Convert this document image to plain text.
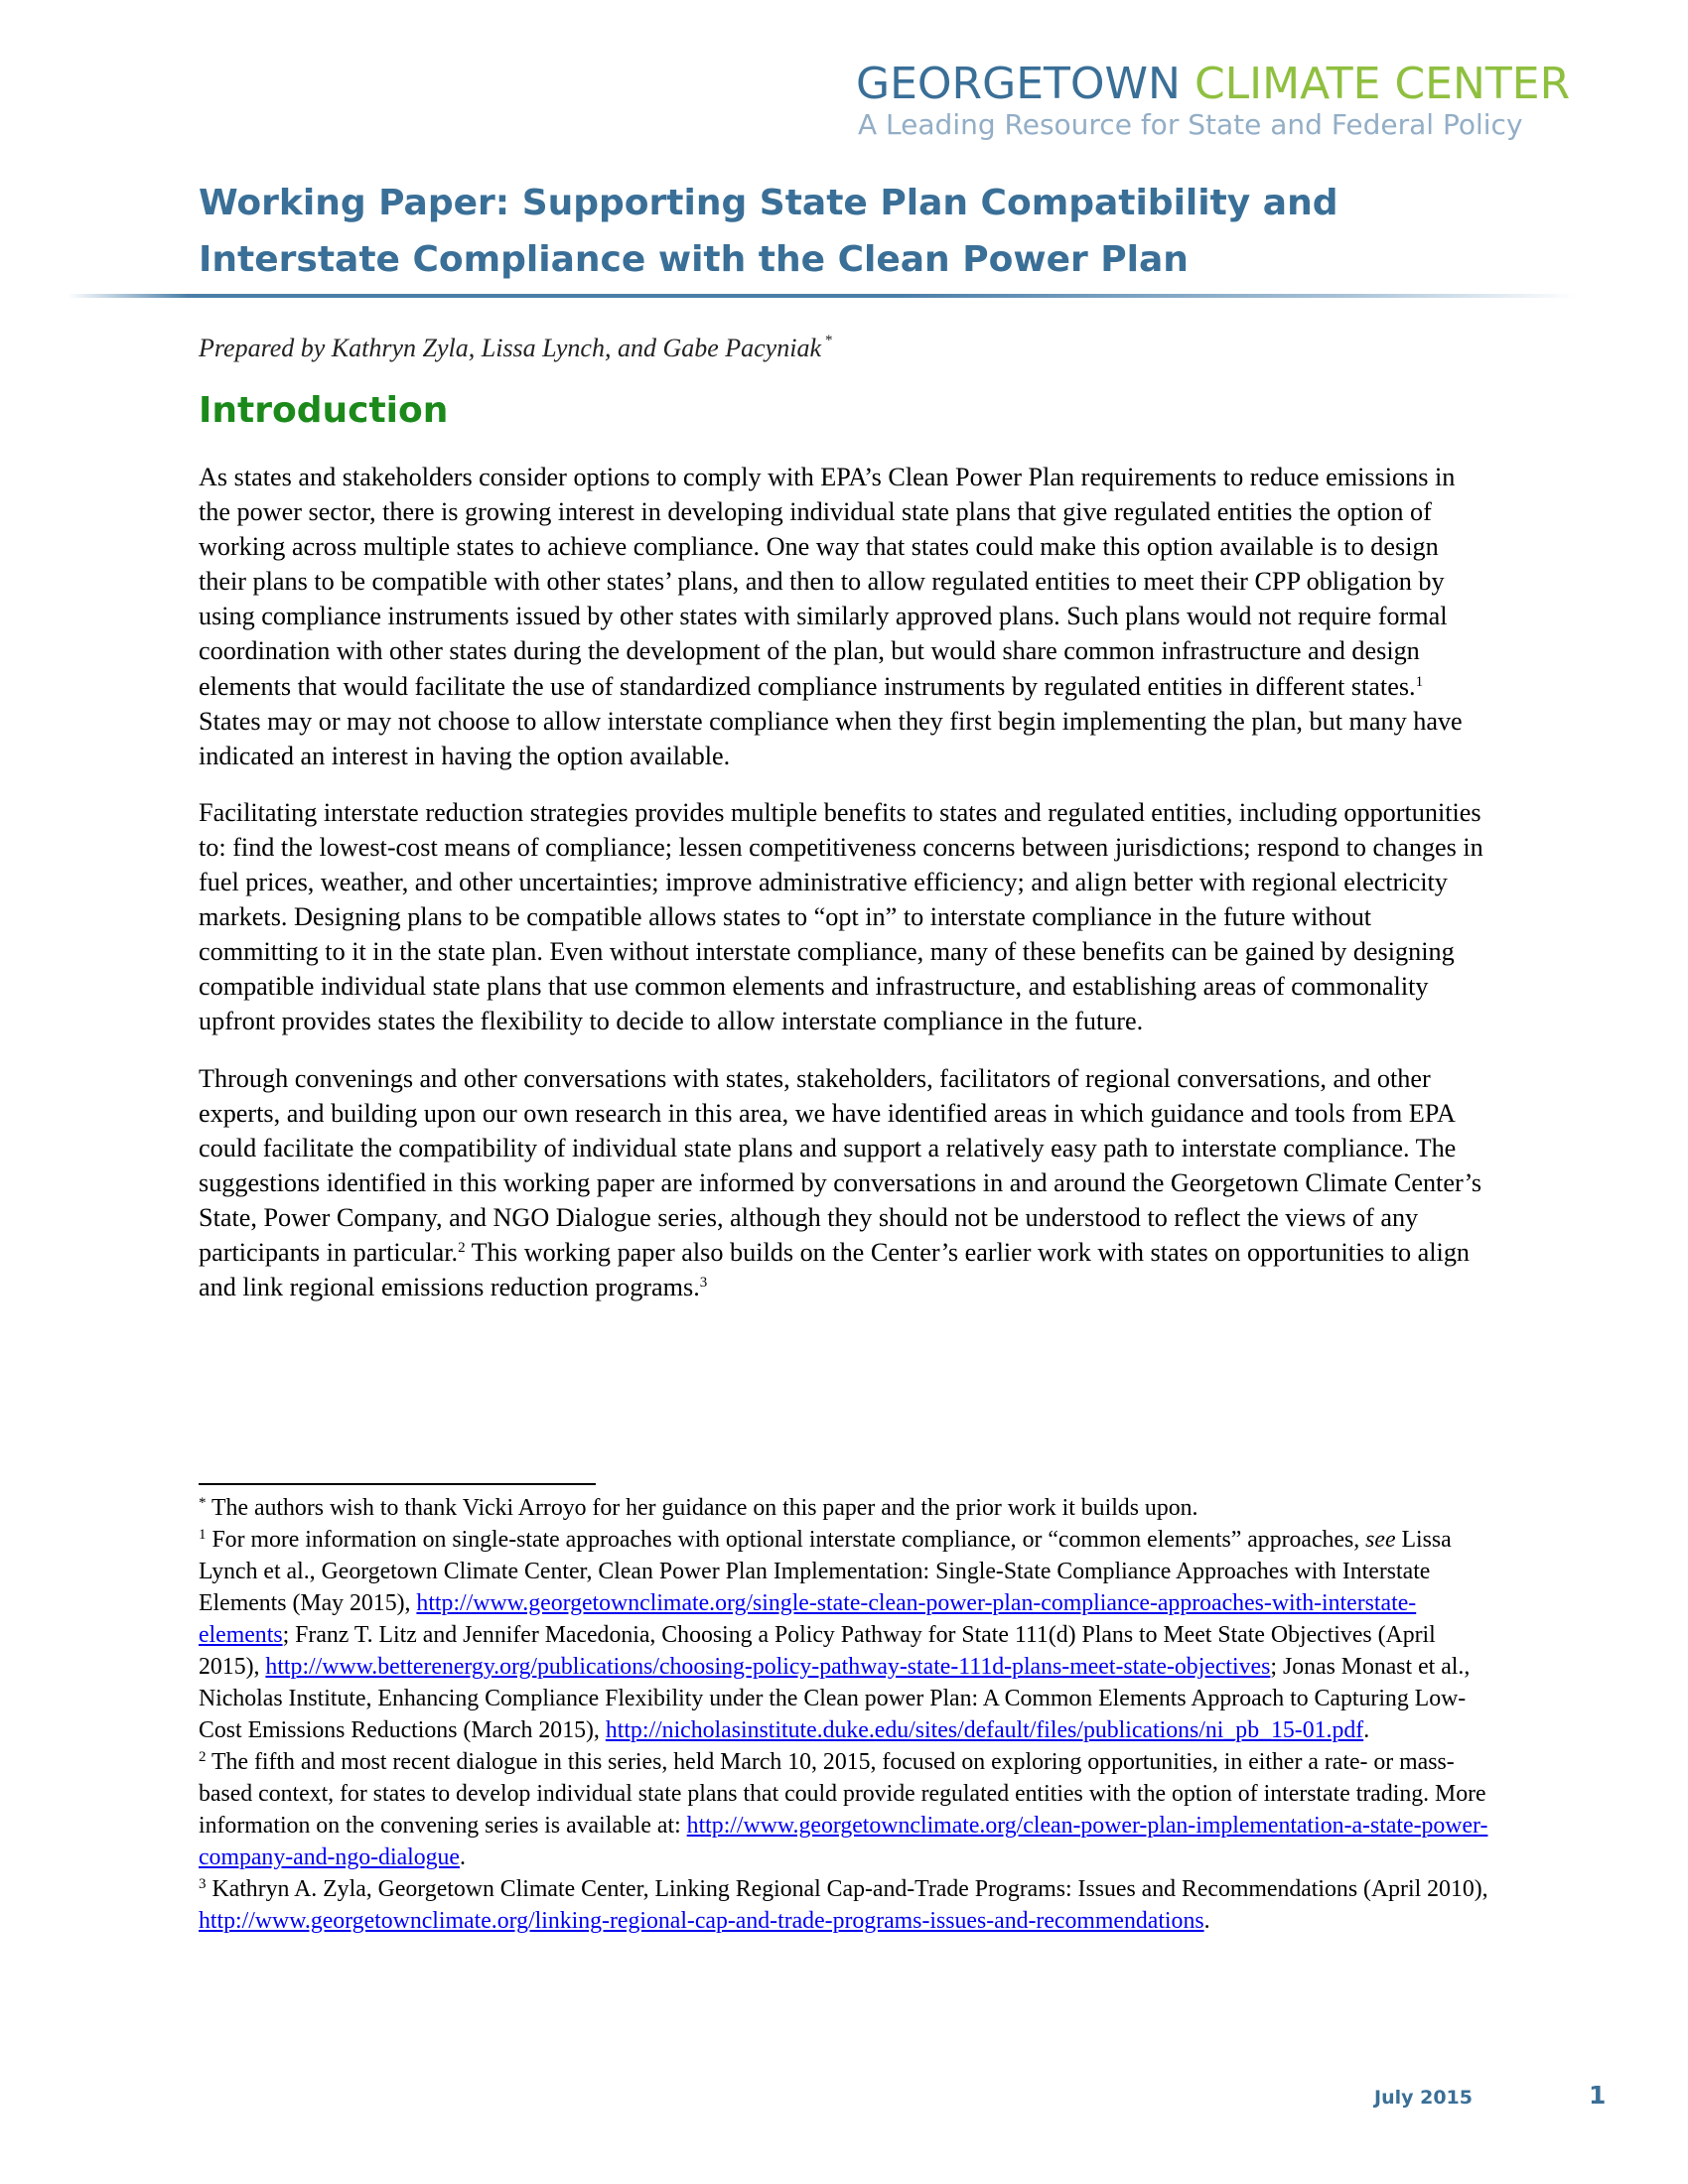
GEORGETOWN CLIMATE CENTER
A Leading Resource for State and Federal Policy
Working Paper: Supporting State Plan Compatibility and Interstate Compliance with the Clean Power Plan
Prepared by Kathryn Zyla, Lissa Lynch, and Gabe Pacyniak *
Introduction

As states and stakeholders consider options to comply with EPA’s Clean Power Plan requirements to reduce emissions in the power sector, there is growing interest in developing individual state plans that give regulated entities the option of working across multiple states to achieve compliance. One way that states could make this option available is to design their plans to be compatible with other states’ plans, and then to allow regulated entities to meet their CPP obligation by using compliance instruments issued by other states with similarly approved plans. Such plans would not require formal coordination with other states during the development of the plan, but would share common infrastructure and design elements that would facilitate the use of standardized compliance instruments by regulated entities in different states.$^1$ States may or may not choose to allow interstate compliance when they first begin implementing the plan, but many have indicated an interest in having the option available.

Facilitating interstate reduction strategies provides multiple benefits to states and regulated entities, including opportunities to: find the lowest-cost means of compliance; lessen competitiveness concerns between jurisdictions; respond to changes in fuel prices, weather, and other uncertainties; improve administrative efficiency; and align better with regional electricity markets. Designing plans to be compatible allows states to “opt in” to interstate compliance in the future without committing to it in the state plan. Even without interstate compliance, many of these benefits can be gained by designing compatible individual state plans that use common elements and infrastructure, and establishing areas of commonality upfront provides states the flexibility to decide to allow interstate compliance in the future.

Through convenings and other conversations with states, stakeholders, facilitators of regional conversations, and other experts, and building upon our own research in this area, we have identified areas in which guidance and tools from EPA could facilitate the compatibility of individual state plans and support a relatively easy path to interstate compliance. The suggestions identified in this working paper are informed by conversations in and around the Georgetown Climate Center’s State, Power Company, and NGO Dialogue series, although they should not be understood to reflect the views of any participants in particular.$^2$ This working paper also builds on the Center’s earlier work with states on opportunities to align and link regional emissions reduction programs.$^3$

* The authors wish to thank Vicki Arroyo for her guidance on this paper and the prior work it builds upon.

$^1$ For more information on single-state approaches with optional interstate compliance, or “common elements” approaches, see Lissa Lynch et al., Georgetown Climate Center, Clean Power Plan Implementation: Single-State Compliance Approaches with Interstate Elements (May 2015), http://www.georgetownclimate.org/single-state-clean-power-plan-compliance-approaches-with-interstate-elements; Franz T. Litz and Jennifer Macedonia, Choosing a Policy Pathway for State 111(d) Plans to Meet State Objectives (April 2015), http://www.betterenergy.org/publications/choosing-policy-pathway-state-111d-plans-meet-state-objectives; Jonas Monast et al., Nicholas Institute, Enhancing Compliance Flexibility under the Clean power Plan: A Common Elements Approach to Capturing Low-Cost Emissions Reductions (March 2015), http://nicholasinstitute.duke.edu/sites/default/files/publications/ni_pb_15-01.pdf.

$^2$ The fifth and most recent dialogue in this series, held March 10, 2015, focused on exploring opportunities, in either a rate- or mass-based context, for states to develop individual state plans that could provide regulated entities with the option of interstate trading. More information on the convening series is available at: http://www.georgetownclimate.org/clean-power-plan-implementation-a-state-power-company-and-ngo-dialogue.

$^3$ Kathryn A. Zyla, Georgetown Climate Center, Linking Regional Cap-and-Trade Programs: Issues and Recommendations (April 2010), http://www.georgetownclimate.org/linking-regional-cap-and-trade-programs-issues-and-recommendations.

July 2015	1
